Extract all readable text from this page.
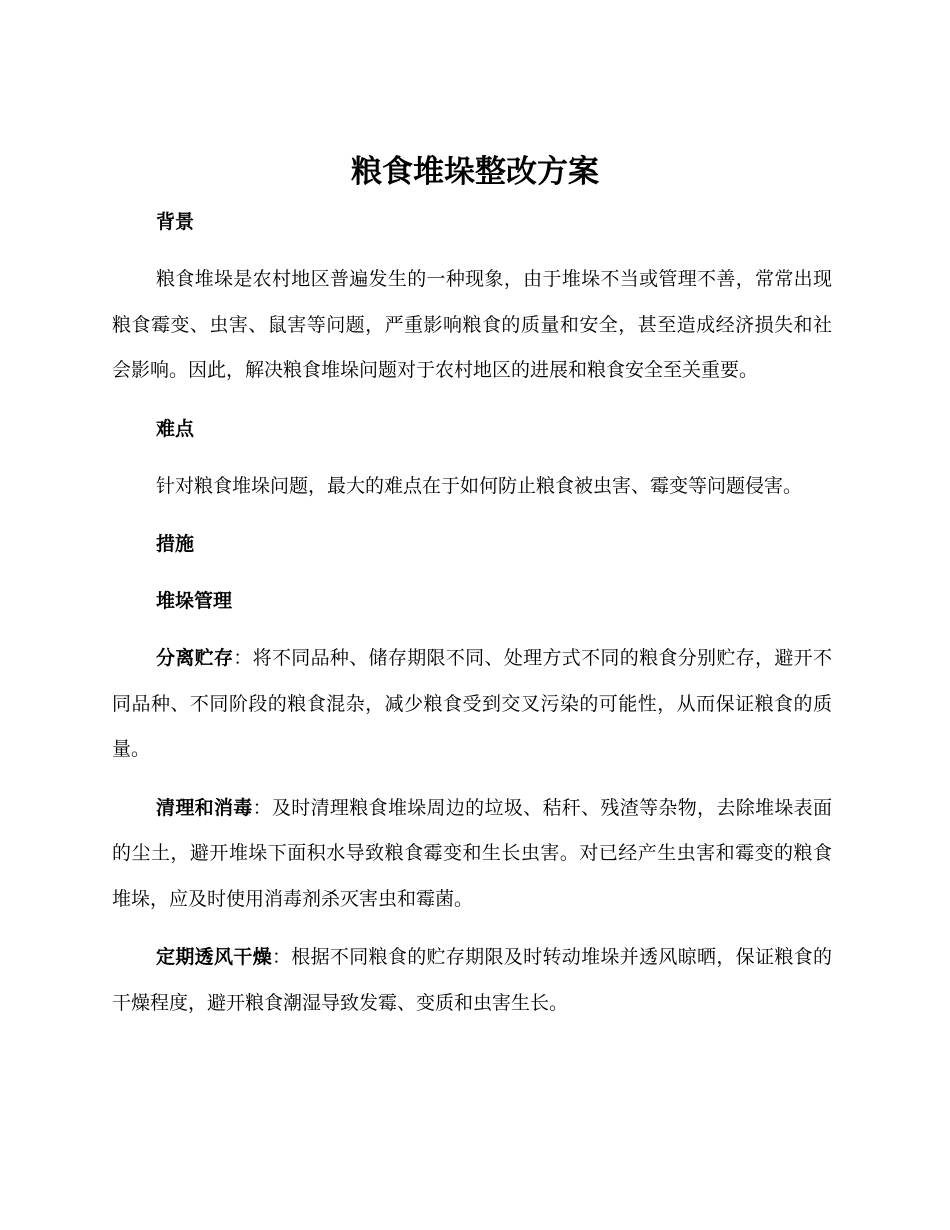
粮食堆垛整改方案

背景

粮食堆垛是农村地区普遍发生的一种现象，由于堆垛不当或管理不善，常常出现粮食霉变、虫害、鼠害等问题，严重影响粮食的质量和安全，甚至造成经济损失和社会影响。因此，解决粮食堆垛问题对于农村地区的进展和粮食安全至关重要。

难点

针对粮食堆垛问题，最大的难点在于如何防止粮食被虫害、霉变等问题侵害。

措施

堆垛管理

分离贮存：将不同品种、储存期限不同、处理方式不同的粮食分别贮存，避开不同品种、不同阶段的粮食混杂，减少粮食受到交叉污染的可能性，从而保证粮食的质量。

清理和消毒：及时清理粮食堆垛周边的垃圾、秸秆、残渣等杂物，去除堆垛表面的尘土，避开堆垛下面积水导致粮食霉变和生长虫害。对已经产生虫害和霉变的粮食堆垛，应及时使用消毒剂杀灭害虫和霉菌。

定期透风干燥：根据不同粮食的贮存期限及时转动堆垛并透风晾晒，保证粮食的干燥程度，避开粮食潮湿导致发霉、变质和虫害生长。
